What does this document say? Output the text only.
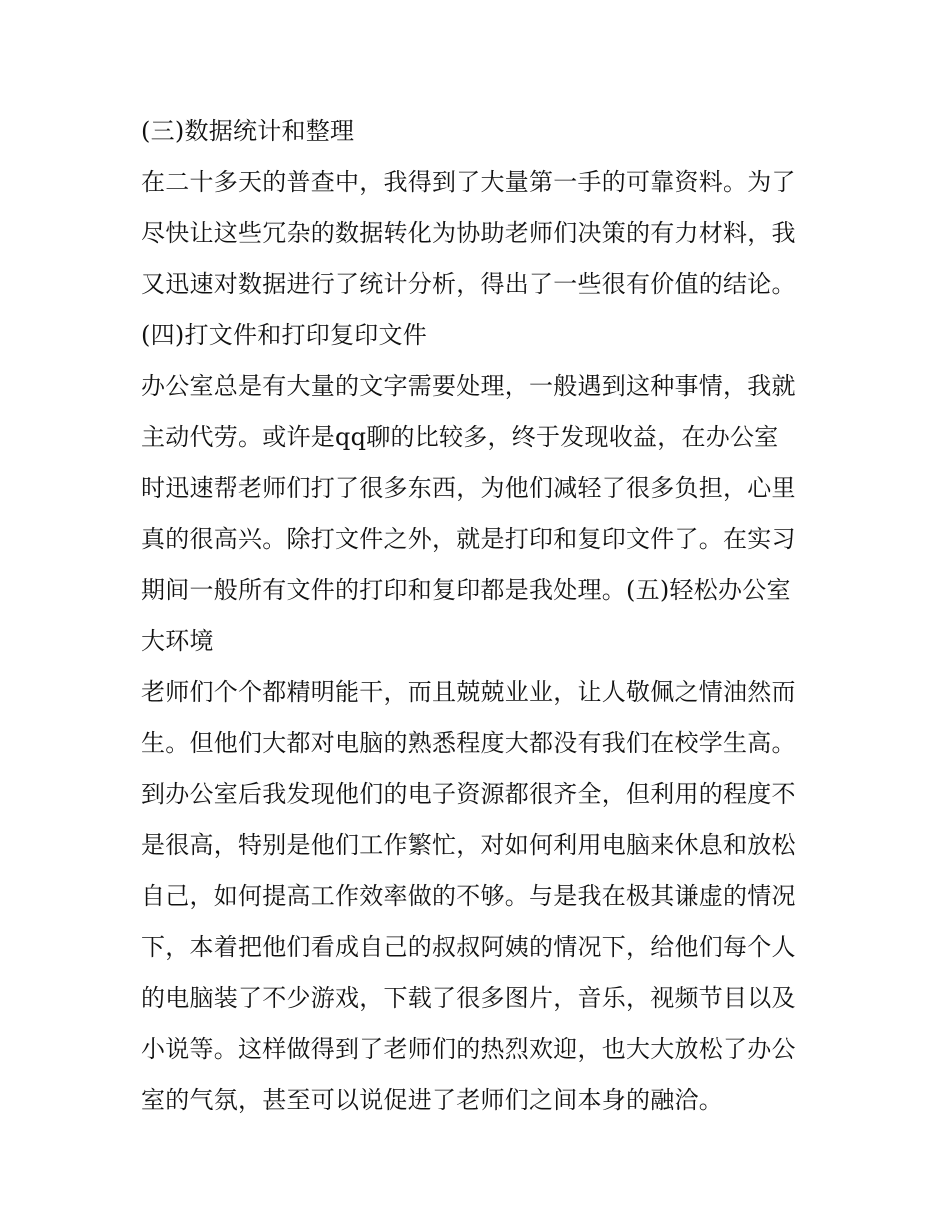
(三)数据统计和整理
在二十多天的普查中，我得到了大量第一手的可靠资料。为了
尽快让这些冗杂的数据转化为协助老师们决策的有力材料，我
又迅速对数据进行了统计分析，得出了一些很有价值的结论。
(四)打文件和打印复印文件
办公室总是有大量的文字需要处理，一般遇到这种事情，我就
主动代劳。或许是qq聊的比较多，终于发现收益，在办公室
时迅速帮老师们打了很多东西，为他们减轻了很多负担，心里
真的很高兴。除打文件之外，就是打印和复印文件了。在实习
期间一般所有文件的打印和复印都是我处理。(五)轻松办公室
大环境
老师们个个都精明能干，而且兢兢业业，让人敬佩之情油然而
生。但他们大都对电脑的熟悉程度大都没有我们在校学生高。
到办公室后我发现他们的电子资源都很齐全，但利用的程度不
是很高，特别是他们工作繁忙，对如何利用电脑来休息和放松
自己，如何提高工作效率做的不够。与是我在极其谦虚的情况
下，本着把他们看成自己的叔叔阿姨的情况下，给他们每个人
的电脑装了不少游戏，下载了很多图片，音乐，视频节目以及
小说等。这样做得到了老师们的热烈欢迎，也大大放松了办公
室的气氛，甚至可以说促进了老师们之间本身的融洽。
